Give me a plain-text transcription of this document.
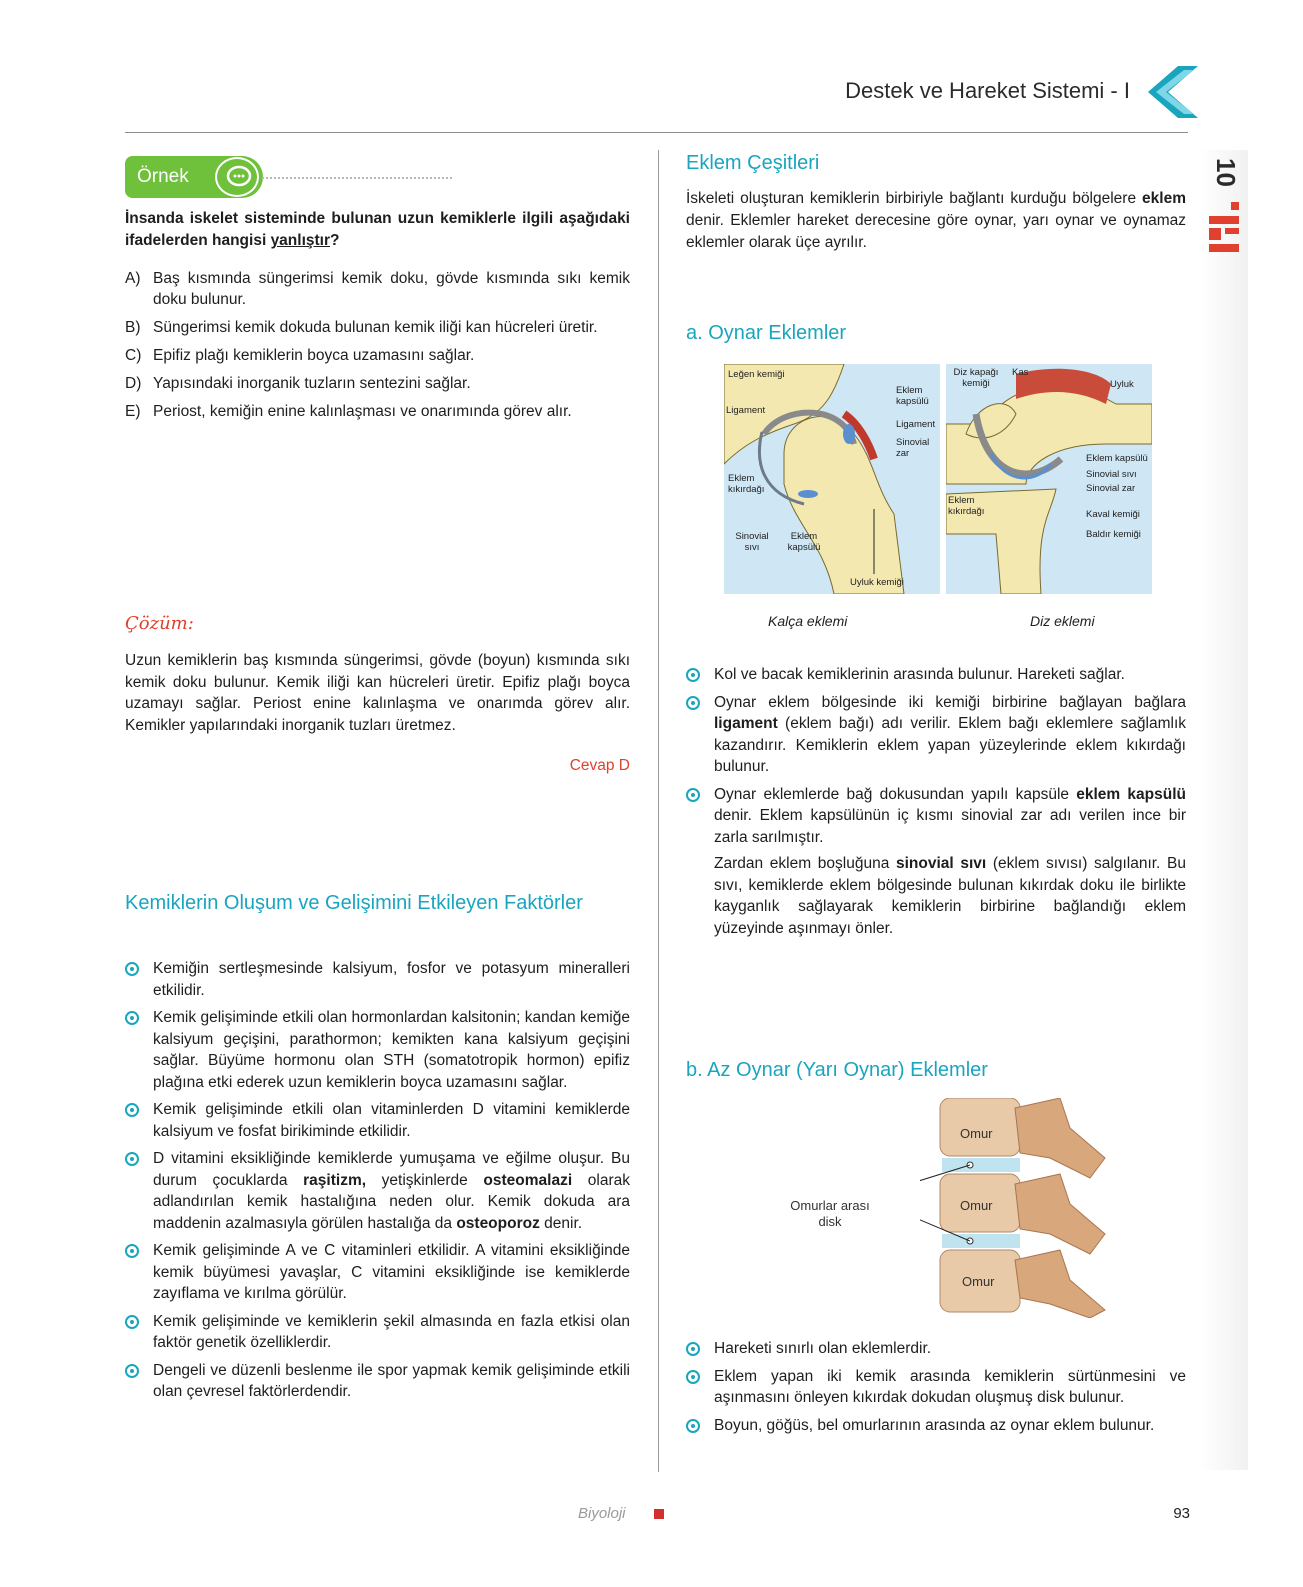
Destek ve Hareket Sistemi - I
10
Örnek
İnsanda iskelet sisteminde bulunan uzun kemiklerle ilgili aşağıdaki ifadelerden hangisi yanlıştır?
A) Baş kısmında süngerimsi kemik doku, gövde kısmında sıkı kemik doku bulunur.
B) Süngerimsi kemik dokuda bulunan kemik iliği kan hücreleri üretir.
C) Epifiz plağı kemiklerin boyca uzamasını sağlar.
D) Yapısındaki inorganik tuzların sentezini sağlar.
E) Periost, kemiğin enine kalınlaşması ve onarımında görev alır.
Çözüm:
Uzun kemiklerin baş kısmında süngerimsi, gövde (boyun) kısmında sıkı kemik doku bulunur. Kemik iliği kan hücreleri üretir. Epifiz plağı boyca uzamayı sağlar. Periost enine kalınlaşma ve onarımda görev alır. Kemikler yapılarındaki inorganik tuzları üretmez.
Cevap D
Kemiklerin Oluşum ve Gelişimini Etkileyen Faktörler
Kemiğin sertleşmesinde kalsiyum, fosfor ve potasyum mineralleri etkilidir.
Kemik gelişiminde etkili olan hormonlardan kalsitonin; kandan kemiğe kalsiyum geçişini, parathormon; kemikten kana kalsiyum geçişini sağlar. Büyüme hormonu olan STH (somatotropik hormon) epifiz plağına etki ederek uzun kemiklerin boyca uzamasını sağlar.
Kemik gelişiminde etkili olan vitaminlerden D vitamini kemiklerde kalsiyum ve fosfat birikiminde etkilidir.
D vitamini eksikliğinde kemiklerde yumuşama ve eğilme oluşur. Bu durum çocuklarda raşitizm, yetişkinlerde osteomalazi olarak adlandırılan kemik hastalığına neden olur. Kemik dokuda ara maddenin azalmasıyla görülen hastalığa da osteoporoz denir.
Kemik gelişiminde A ve C vitaminleri etkilidir. A vitamini eksikliğinde kemik büyümesi yavaşlar, C vitamini eksikliğinde ise kemiklerde zayıflama ve kırılma görülür.
Kemik gelişiminde ve kemiklerin şekil almasında en fazla etkisi olan faktör genetik özelliklerdir.
Dengeli ve düzenli beslenme ile spor yapmak kemik gelişiminde etkili olan çevresel faktörlerdendir.
Eklem Çeşitleri
İskeleti oluşturan kemiklerin birbiriyle bağlantı kurduğu bölgelere eklem denir. Eklemler hareket derecesine göre oynar, yarı oynar ve oynamaz eklemler olarak üçe ayrılır.
a. Oynar Eklemler
Leğen kemiği
Ligament
Eklem kıkırdağı
Sinovial sıvı
Eklem kapsülü
Eklem kapsülü
Ligament
Sinovial zar
Uyluk kemiği
Diz kapağı kemiği
Kas
Uyluk
Eklem kapsülü
Sinovial sıvı
Sinovial zar
Eklem kıkırdağı	Kaval kemiği
Baldır kemiği
Kalça eklemi	Diz eklemi
Kol ve bacak kemiklerinin arasında bulunur. Hareketi sağlar.
Oynar eklem bölgesinde iki kemiği birbirine bağlayan bağlara ligament (eklem bağı) adı verilir. Eklem bağı eklemlere sağlamlık kazandırır. Kemiklerin eklem yapan yüzeylerinde eklem kıkırdağı bulunur.
Oynar eklemlerde bağ dokusundan yapılı kapsüle eklem kapsülü denir. Eklem kapsülünün iç kısmı sinovial zar adı verilen ince bir zarla sarılmıştır.
Zardan eklem boşluğuna sinovial sıvı (eklem sıvısı) salgılanır. Bu sıvı, kemiklerde eklem bölgesinde bulunan kıkırdak doku ile birlikte kayganlık sağlayarak kemiklerin birbirine bağlandığı eklem yüzeyinde aşınmayı önler.
b. Az Oynar (Yarı Oynar) Eklemler
Omur
Omur
Omur
Omurlar arası disk
Hareketi sınırlı olan eklemlerdir.
Eklem yapan iki kemik arasında kemiklerin sürtünmesini ve aşınmasını önleyen kıkırdak dokudan oluşmuş disk bulunur.
Boyun, göğüs, bel omurlarının arasında az oynar eklem bulunur.
Biyoloji	93
